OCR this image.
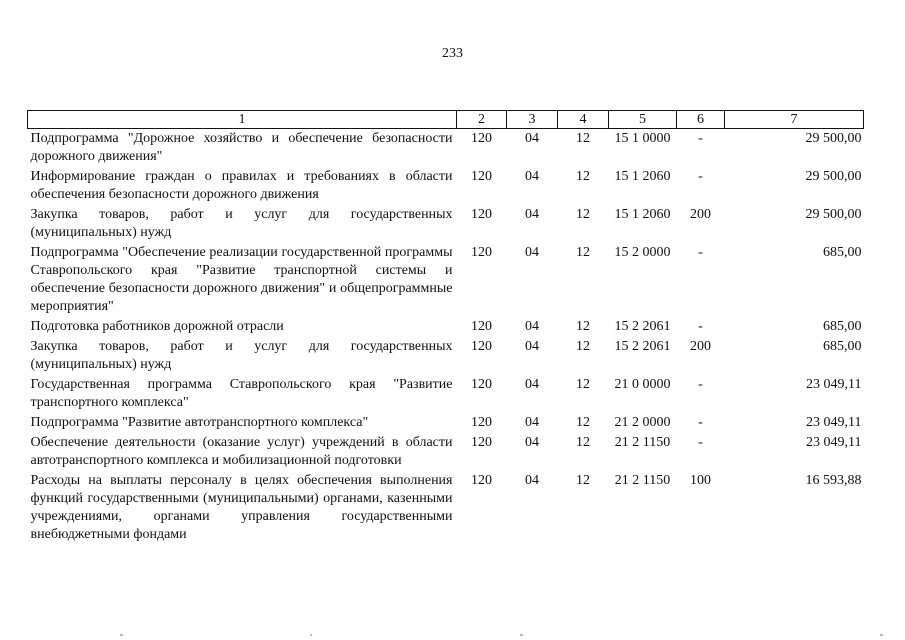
233
1	2	3	4	5	6	7
Подпрограмма "Дорожное хозяйство и обеспечение безопасности дорожного движения"	120	04	12	15 1 0000	-	29 500,00
Информирование граждан о правилах и требованиях в области обеспечения безопасности дорожного движения	120	04	12	15 1 2060	-	29 500,00
Закупка товаров, работ и услуг для государственных (муниципальных) нужд	120	04	12	15 1 2060	200	29 500,00
Подпрограмма "Обеспечение реализации государственной программы Ставропольского края "Развитие транспортной системы и обеспечение безопасности дорожного движения" и общепрограммные мероприятия"	120	04	12	15 2 0000	-	685,00
Подготовка работников дорожной отрасли	120	04	12	15 2 2061	-	685,00
Закупка товаров, работ и услуг для государственных (муниципальных) нужд	120	04	12	15 2 2061	200	685,00
Государственная программа Ставропольского края "Развитие транспортного комплекса"	120	04	12	21 0 0000	-	23 049,11
Подпрограмма "Развитие автотранспортного комплекса"	120	04	12	21 2 0000	-	23 049,11
Обеспечение деятельности (оказание услуг) учреждений в области автотранспортного комплекса и мобилизационной подготовки	120	04	12	21 2 1150	-	23 049,11
Расходы на выплаты персоналу в целях обеспечения выполнения функций государственными (муниципальными) органами, казенными учреждениями, органами управления государственными внебюджетными фондами	120	04	12	21 2 1150	100	16 593,88
